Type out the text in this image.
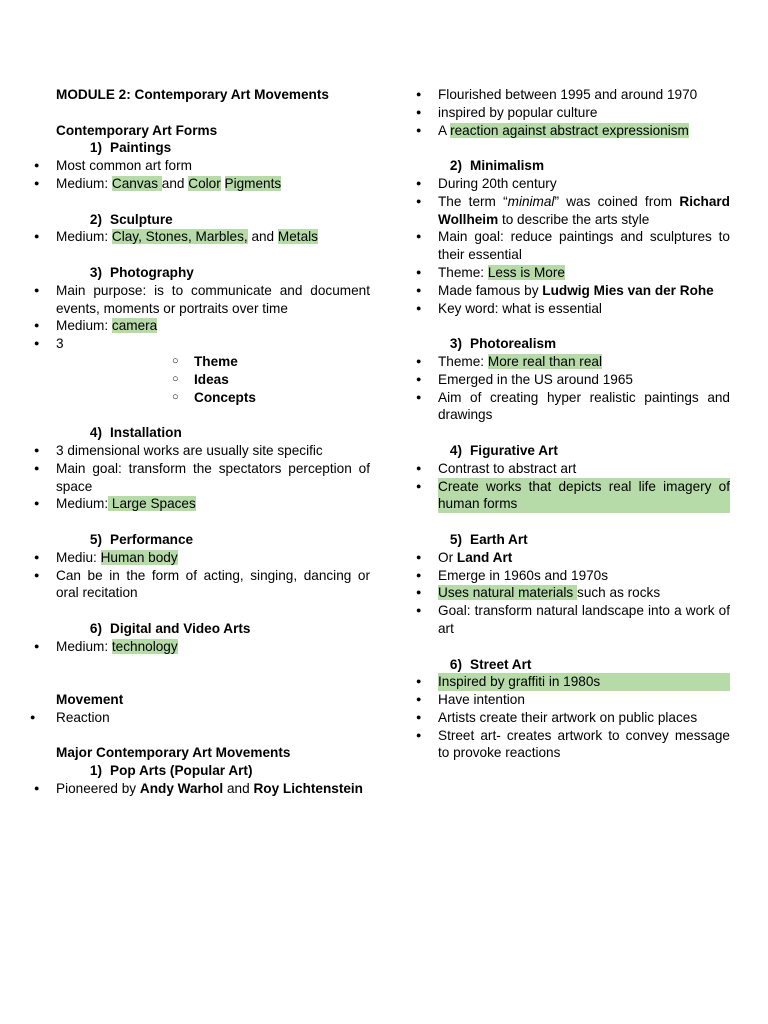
MODULE 2: Contemporary Art Movements
Contemporary Art Forms
1) Paintings
● Most common art form
● Medium: Canvas and Color Pigments
2) Sculpture
● Medium: Clay, Stones, Marbles, and Metals
3) Photography
● Main purpose: is to communicate and document events, moments or portraits over time
● Medium: camera
● 3
○ Theme
○ Ideas
○ Concepts
4) Installation
● 3 dimensional works are usually site specific
● Main goal: transform the spectators perception of space
● Medium: Large Spaces
5) Performance
● Mediu: Human body
● Can be in the form of acting, singing, dancing or oral recitation
6) Digital and Video Arts
● Medium: technology
Movement
● Reaction
Major Contemporary Art Movements
1) Pop Arts (Popular Art)
● Pioneered by Andy Warhol and Roy Lichtenstein
● Flourished between 1995 and around 1970
● inspired by popular culture
● A reaction against abstract expressionism
2) Minimalism
● During 20th century
● The term “minimal” was coined from Richard Wollheim to describe the arts style
● Main goal: reduce paintings and sculptures to their essential
● Theme: Less is More
● Made famous by Ludwig Mies van der Rohe
● Key word: what is essential
3) Photorealism
● Theme: More real than real
● Emerged in the US around 1965
● Aim of creating hyper realistic paintings and drawings
4) Figurative Art
● Contrast to abstract art
● Create works that depicts real life imagery of human forms
5) Earth Art
● Or Land Art
● Emerge in 1960s and 1970s
● Uses natural materials such as rocks
● Goal: transform natural landscape into a work of art
6) Street Art
● Inspired by graffiti in 1980s
● Have intention
● Artists create their artwork on public places
● Street art- creates artwork to convey message to provoke reactions
